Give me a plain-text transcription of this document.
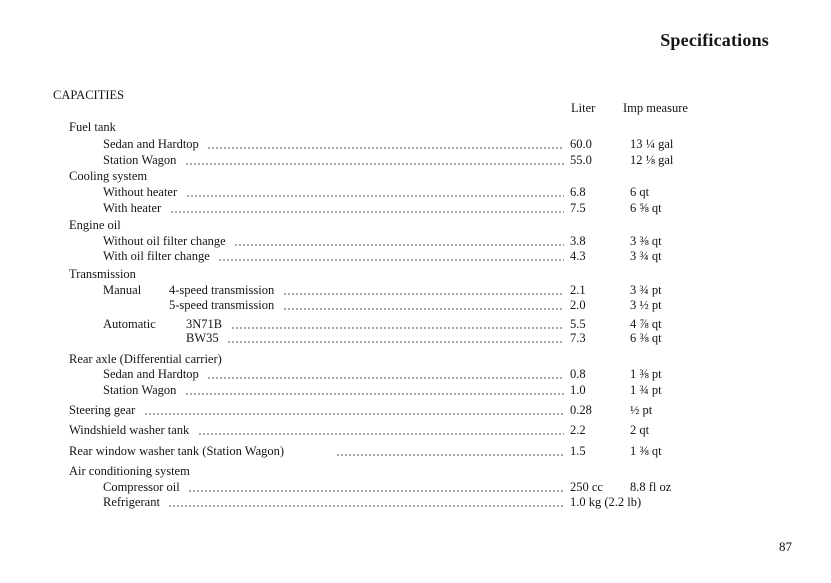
Specifications
CAPACITIES
Liter Imp measure
Fuel tank
Sedan and Hardtop	60.0	13 ¼ gal
Station Wagon	55.0	12 ⅛ gal
Cooling system
Without heater	6.8	6 qt
With heater	7.5	6 ⅝ qt
Engine oil
Without oil filter change	3.8	3 ⅜ qt
With oil filter change	4.3	3 ¾ qt
Transmission
Manual 4-speed transmission	2.1	3 ¾ pt
5-speed transmission	2.0	3 ½ pt
Automatic 3N71B	5.5	4 ⅞ qt
BW35	7.3	6 ⅜ qt
Rear axle (Differential carrier)
Sedan and Hardtop	0.8	1 ⅜ pt
Station Wagon	1.0	1 ¾ pt
Steering gear	0.28	½ pt
Windshield washer tank	2.2	2 qt
Rear window washer tank (Station Wagon)	1.5	1 ⅜ qt
Air conditioning system
Compressor oil	250 cc 8.8 fl oz
Refrigerant	1.0 kg (2.2 lb)
87
